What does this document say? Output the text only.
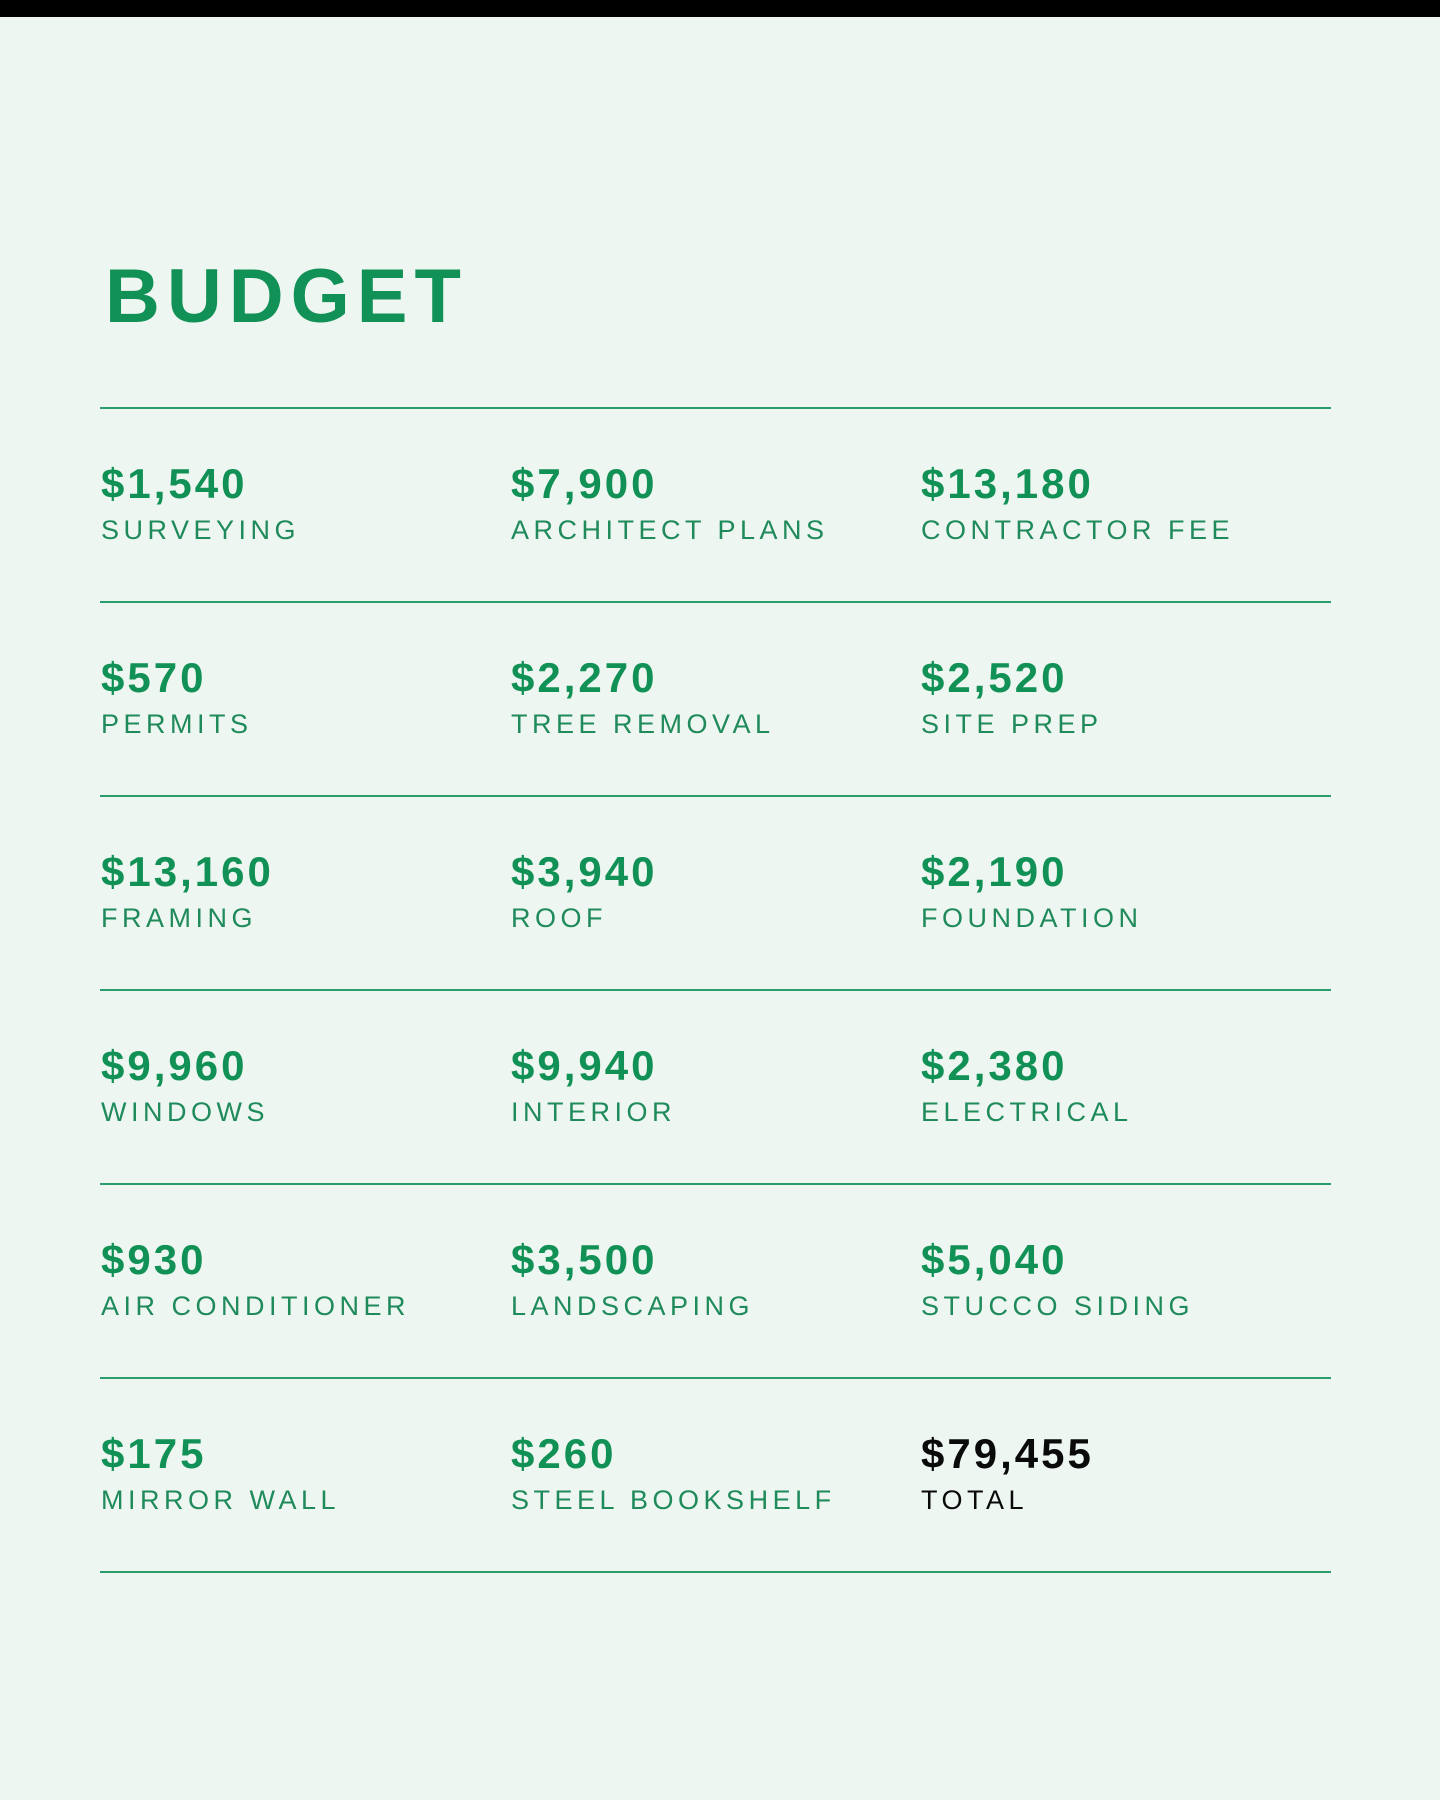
BUDGET
$1,540
SURVEYING
$7,900
ARCHITECT PLANS
$13,180
CONTRACTOR FEE
$570
PERMITS
$2,270
TREE REMOVAL
$2,520
SITE PREP
$13,160
FRAMING
$3,940
ROOF
$2,190
FOUNDATION
$9,960
WINDOWS
$9,940
INTERIOR
$2,380
ELECTRICAL
$930
AIR CONDITIONER
$3,500
LANDSCAPING
$5,040
STUCCO SIDING
$175
MIRROR WALL
$260
STEEL BOOKSHELF
$79,455
TOTAL
